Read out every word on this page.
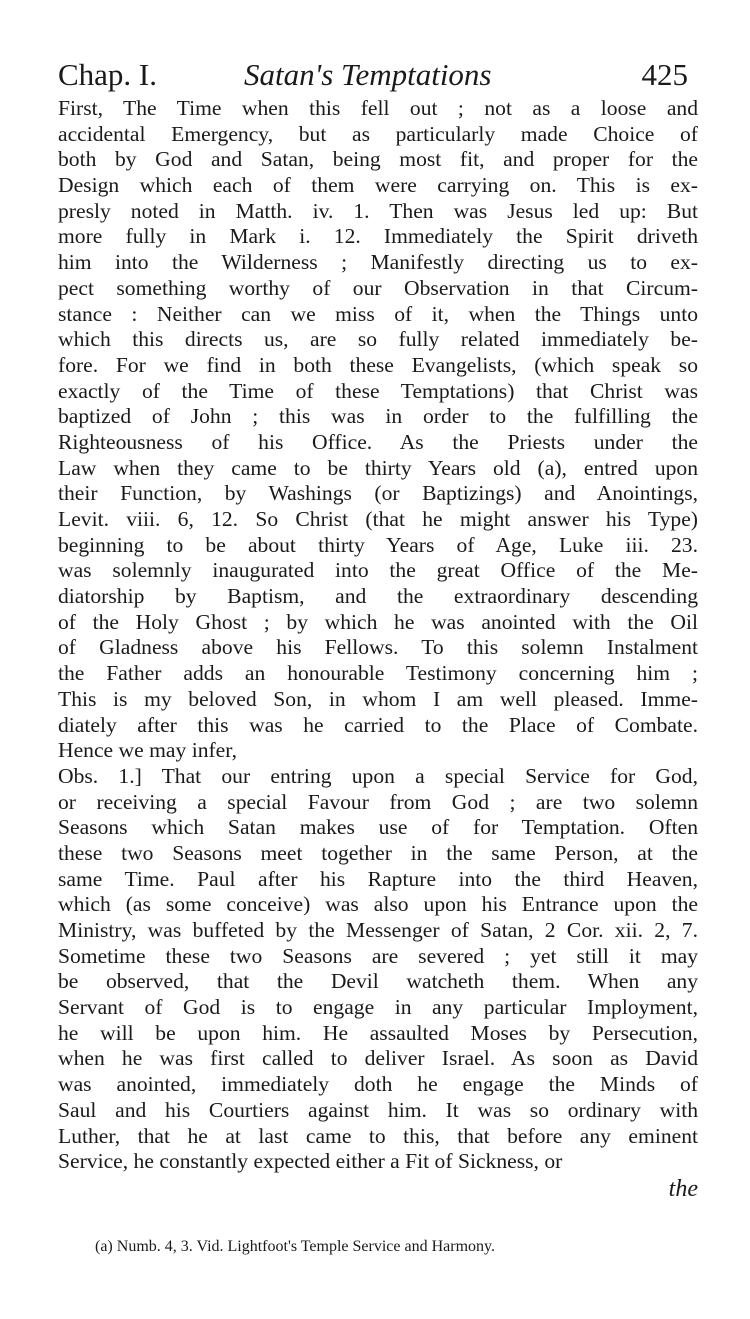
Chap. I.	Satan's Temptations	425
First, The Time when this fell out ; not as a loose and
accidental Emergency, but as particularly made Choice of
both by God and Satan, being most fit, and proper for the
Design which each of them were carrying on. This is ex-
presly noted in Matth. iv. 1. Then was Jesus led up: But
more fully in Mark i. 12. Immediately the Spirit driveth
him into the Wilderness ; Manifestly directing us to ex-
pect something worthy of our Observation in that Circum-
stance : Neither can we miss of it, when the Things unto
which this directs us, are so fully related immediately be-
fore. For we find in both these Evangelists, (which speak so
exactly of the Time of these Temptations) that Christ was
baptized of John ; this was in order to the fulfilling the
Righteousness of his Office. As the Priests under the
Law when they came to be thirty Years old (a), entred upon
their Function, by Washings (or Baptizings) and Anointings,
Levit. viii. 6, 12. So Christ (that he might answer his Type)
beginning to be about thirty Years of Age, Luke iii. 23.
was solemnly inaugurated into the great Office of the Me-
diatorship by Baptism, and the extraordinary descending
of the Holy Ghost ; by which he was anointed with the Oil
of Gladness above his Fellows. To this solemn Instalment
the Father adds an honourable Testimony concerning him ;
This is my beloved Son, in whom I am well pleased. Imme-
diately after this was he carried to the Place of Combate.
Hence we may infer,
Obs. 1.] That our entring upon a special Service for God,
or receiving a special Favour from God ; are two solemn
Seasons which Satan makes use of for Temptation. Often
these two Seasons meet together in the same Person, at the
same Time. Paul after his Rapture into the third Heaven,
which (as some conceive) was also upon his Entrance upon the
Ministry, was buffeted by the Messenger of Satan, 2 Cor. xii. 2, 7.
Sometime these two Seasons are severed ; yet still it may
be observed, that the Devil watcheth them. When any
Servant of God is to engage in any particular Imployment,
he will be upon him. He assaulted Moses by Persecution,
when he was first called to deliver Israel. As soon as David
was anointed, immediately doth he engage the Minds of
Saul and his Courtiers against him. It was so ordinary with
Luther, that he at last came to this, that before any eminent
Service, he constantly expected either a Fit of Sickness, or
the
(a) Numb. 4, 3. Vid. Lightfoot's Temple Service and Harmony.
